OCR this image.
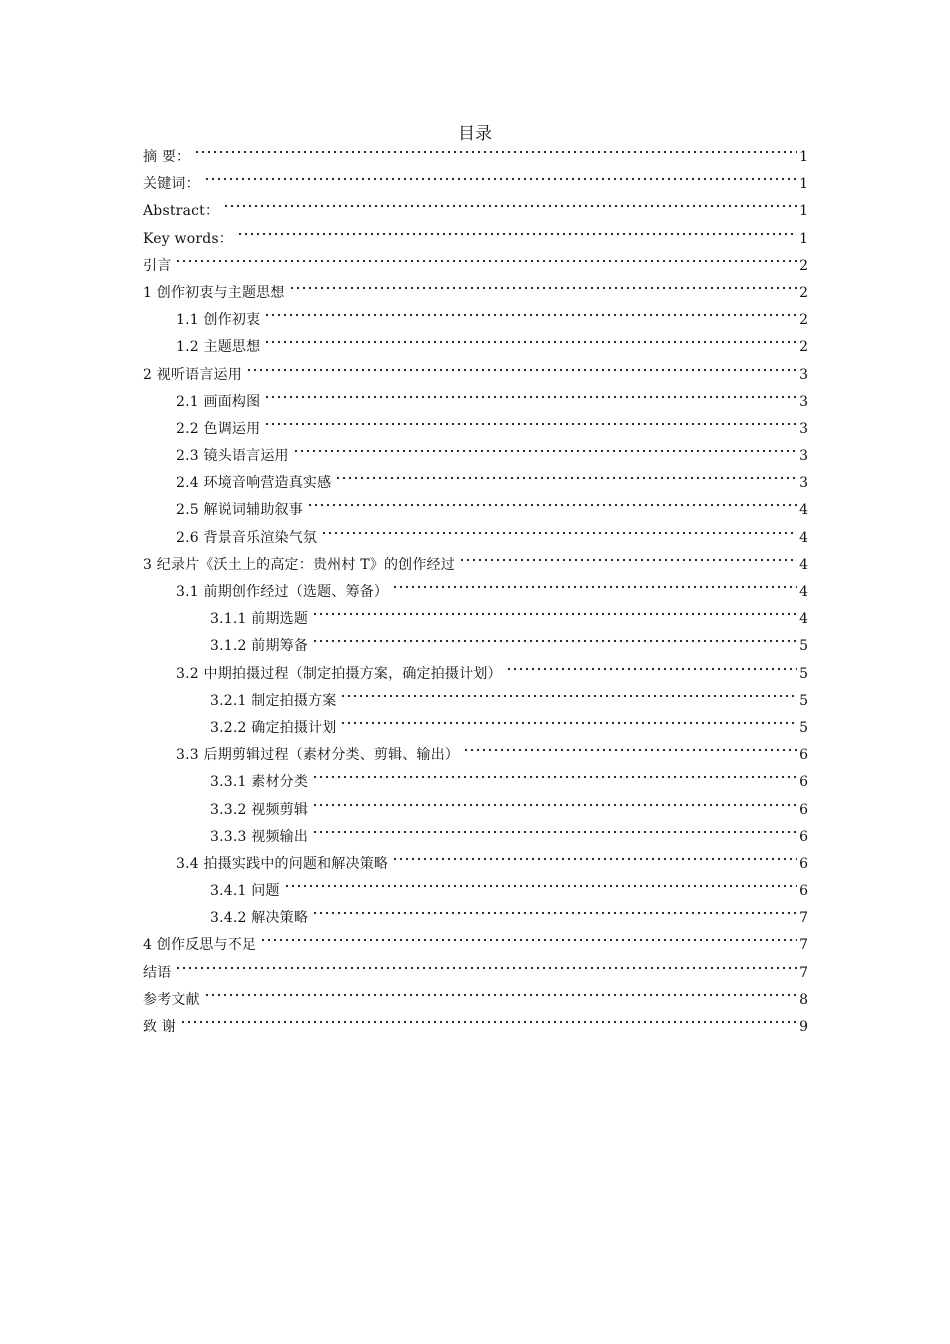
目录
摘 要：	1
关键词：	1
Abstract：	1
Key words：	1
引言	2
1 创作初衷与主题思想	2
1.1 创作初衷	2
1.2 主题思想	2
2 视听语言运用	3
2.1 画面构图	3
2.2 色调运用	3
2.3 镜头语言运用	3
2.4 环境音响营造真实感	3
2.5 解说词辅助叙事	4
2.6 背景音乐渲染气氛	4
3 纪录片《沃土上的高定：贵州村 T》的创作经过	4
3.1 前期创作经过（选题、筹备）	4
3.1.1 前期选题	4
3.1.2 前期筹备	5
3.2 中期拍摄过程（制定拍摄方案，确定拍摄计划）	5
3.2.1 制定拍摄方案	5
3.2.2 确定拍摄计划	5
3.3 后期剪辑过程（素材分类、剪辑、输出）	6
3.3.1 素材分类	6
3.3.2 视频剪辑	6
3.3.3 视频输出	6
3.4 拍摄实践中的问题和解决策略	6
3.4.1 问题	6
3.4.2 解决策略	7
4 创作反思与不足	7
结语	7
参考文献	8
致 谢	9
